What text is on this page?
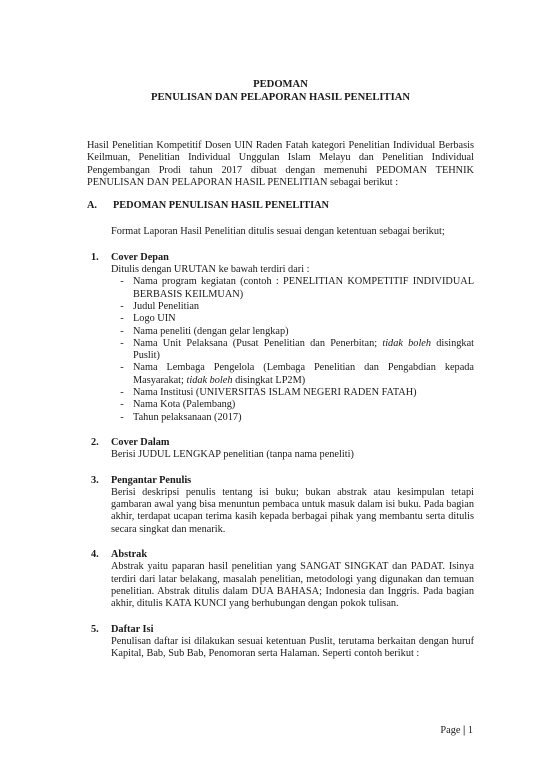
PEDOMAN
PENULISAN DAN PELAPORAN HASIL PENELITIAN
Hasil Penelitian Kompetitif Dosen UIN Raden Fatah kategori Penelitian Individual Berbasis Keilmuan, Penelitian Individual Unggulan Islam Melayu dan Penelitian Individual Pengembangan Prodi tahun 2017 dibuat dengan memenuhi PEDOMAN TEHNIK PENULISAN DAN PELAPORAN HASIL PENELITIAN sebagai berikut :
A.	PEDOMAN PENULISAN HASIL PENELITIAN
Format Laporan Hasil Penelitian ditulis sesuai dengan ketentuan sebagai berikut;
1.	Cover Depan
Ditulis dengan URUTAN ke bawah terdiri dari :
- Nama program kegiatan (contoh : PENELITIAN KOMPETITIF INDIVIDUAL BERBASIS KEILMUAN)
- Judul Penelitian
- Logo UIN
- Nama peneliti (dengan gelar lengkap)
- Nama Unit Pelaksana (Pusat Penelitian dan Penerbitan; tidak boleh disingkat Puslit)
- Nama Lembaga Pengelola (Lembaga Penelitian dan Pengabdian kepada Masyarakat; tidak boleh disingkat LP2M)
- Nama Institusi (UNIVERSITAS ISLAM NEGERI RADEN FATAH)
- Nama Kota (Palembang)
- Tahun pelaksanaan (2017)
2.	Cover Dalam
Berisi JUDUL LENGKAP penelitian (tanpa nama peneliti)
3.	Pengantar Penulis
Berisi deskripsi penulis tentang isi buku; bukan abstrak atau kesimpulan tetapi gambaran awal yang bisa menuntun pembaca untuk masuk dalam isi buku. Pada bagian akhir, terdapat ucapan terima kasih kepada berbagai pihak yang membantu serta ditulis secara singkat dan menarik.
4.	Abstrak
Abstrak yaitu paparan hasil penelitian yang SANGAT SINGKAT dan PADAT. Isinya terdiri dari latar belakang, masalah penelitian, metodologi yang digunakan dan temuan penelitian. Abstrak ditulis dalam DUA BAHASA; Indonesia dan Inggris. Pada bagian akhir, ditulis KATA KUNCI yang berhubungan dengan pokok tulisan.
5.	Daftar Isi
Penulisan daftar isi dilakukan sesuai ketentuan Puslit, terutama berkaitan dengan huruf Kapital, Bab, Sub Bab, Penomoran serta Halaman. Seperti contoh berikut :
Page | 1
